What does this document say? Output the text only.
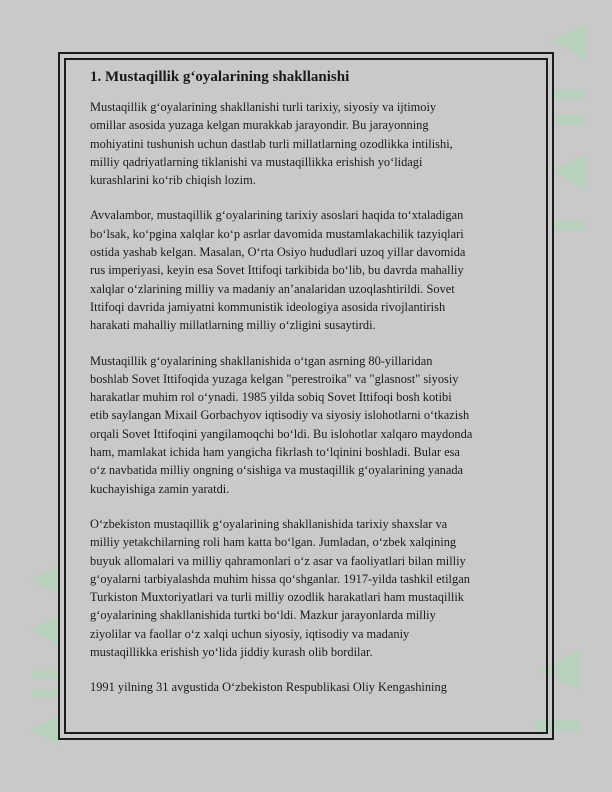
1. Mustaqillik g‘oyalarining shakllanishi
Mustaqillik g‘oyalarining shakllanishi turli tarixiy, siyosiy va ijtimoiy
omillar asosida yuzaga kelgan murakkab jarayondir. Bu jarayonning
mohiyatini tushunish uchun dastlab turli millatlarning ozodlikka intilishi,
milliy qadriyatlarning tiklanishi va mustaqillikka erishish yo‘lidagi
kurashlarini ko‘rib chiqish lozim.
Avvalambor, mustaqillik g‘oyalarining tarixiy asoslari haqida to‘xtaladigan
bo‘lsak, ko‘pgina xalqlar ko‘p asrlar davomida mustamlakachilik tazyiqlari
ostida yashab kelgan. Masalan, O‘rta Osiyo hududlari uzoq yillar davomida
rus imperiyasi, keyin esa Sovet Ittifoqi tarkibida bo‘lib, bu davrda mahalliy
xalqlar o‘zlarining milliy va madaniy an’analaridan uzoqlashtirildi. Sovet
Ittifoqi davrida jamiyatni kommunistik ideologiya asosida rivojlantirish
harakati mahalliy millatlarning milliy o‘zligini susaytirdi.
Mustaqillik g‘oyalarining shakllanishida o‘tgan asrning 80-yillaridan
boshlab Sovet Ittifoqida yuzaga kelgan "perestroika" va "glasnost" siyosiy
harakatlar muhim rol o‘ynadi. 1985 yilda sobiq Sovet Ittifoqi bosh kotibi
etib saylangan Mixail Gorbachyov iqtisodiy va siyosiy islohotlarni o‘tkazish
orqali Sovet Ittifoqini yangilamoqchi bo‘ldi. Bu islohotlar xalqaro maydonda
ham, mamlakat ichida ham yangicha fikrlash to‘lqinini boshladi. Bular esa
o‘z navbatida milliy ongning o‘sishiga va mustaqillik g‘oyalarining yanada
kuchayishiga zamin yaratdi.
O‘zbekiston mustaqillik g‘oyalarining shakllanishida tarixiy shaxslar va
milliy yetakchilarning roli ham katta bo‘lgan. Jumladan, o‘zbek xalqining
buyuk allomalari va milliy qahramonlari o‘z asar va faoliyatlari bilan milliy
g‘oyalarni tarbiyalashda muhim hissa qo‘shganlar. 1917-yilda tashkil etilgan
Turkiston Muxtoriyatlari va turli milliy ozodlik harakatlari ham mustaqillik
g‘oyalarining shakllanishida turtki bo‘ldi. Mazkur jarayonlarda milliy
ziyolilar va faollar o‘z xalqi uchun siyosiy, iqtisodiy va madaniy
mustaqillikka erishish yo‘lida jiddiy kurash olib bordilar.
1991 yilning 31 avgustida O‘zbekiston Respublikasi Oliy Kengashining
